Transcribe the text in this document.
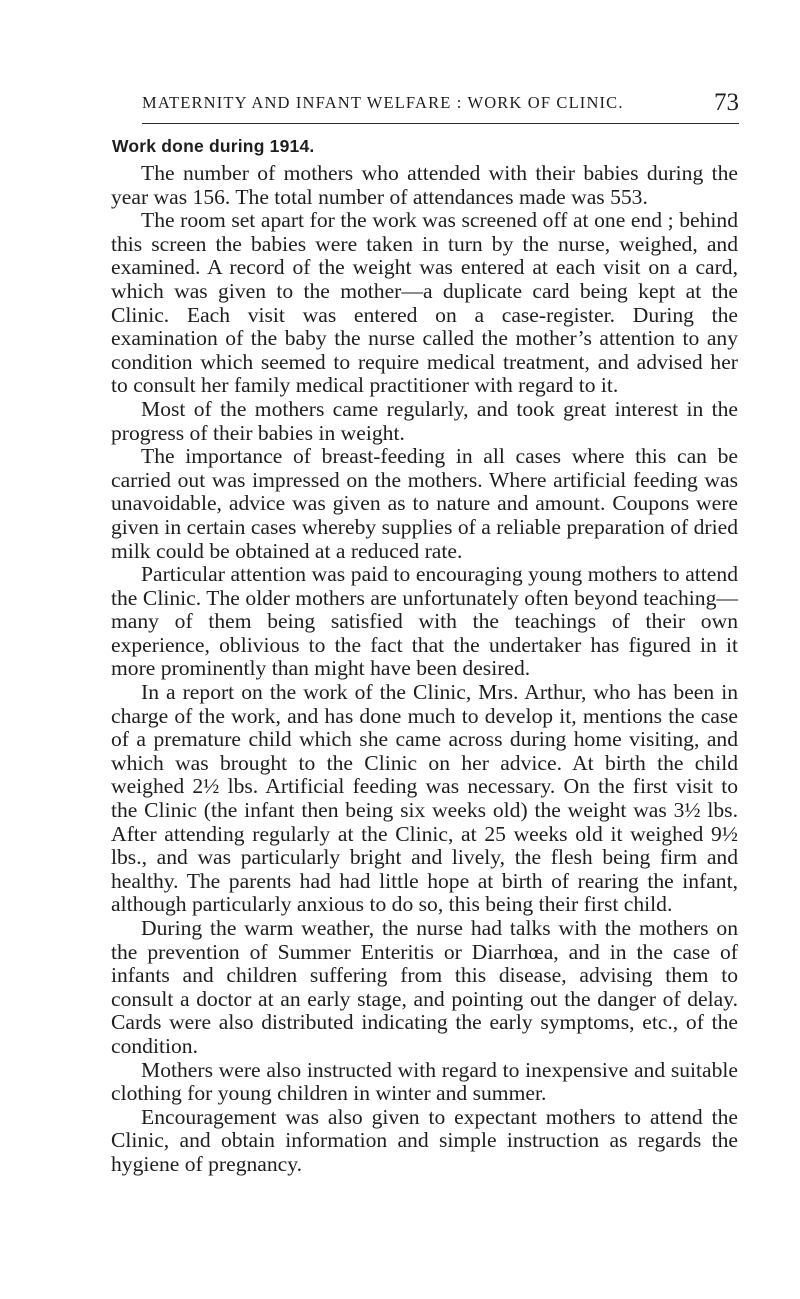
MATERNITY AND INFANT WELFARE : WORK OF CLINIC.	73
Work done during 1914.

The number of mothers who attended with their babies during the year was 156. The total number of attendances made was 553.

The room set apart for the work was screened off at one end ; behind this screen the babies were taken in turn by the nurse, weighed, and examined. A record of the weight was entered at each visit on a card, which was given to the mother—a duplicate card being kept at the Clinic. Each visit was entered on a case-register. During the examination of the baby the nurse called the mother’s attention to any condition which seemed to require medical treatment, and advised her to consult her family medical practitioner with regard to it.

Most of the mothers came regularly, and took great interest in the progress of their babies in weight.

The importance of breast-feeding in all cases where this can be carried out was impressed on the mothers. Where artificial feeding was unavoidable, advice was given as to nature and amount. Coupons were given in certain cases whereby supplies of a reliable preparation of dried milk could be obtained at a reduced rate.

Particular attention was paid to encouraging young mothers to attend the Clinic. The older mothers are unfortunately often beyond teaching—many of them being satisfied with the teachings of their own experience, oblivious to the fact that the undertaker has figured in it more prominently than might have been desired.

In a report on the work of the Clinic, Mrs. Arthur, who has been in charge of the work, and has done much to develop it, mentions the case of a premature child which she came across during home visiting, and which was brought to the Clinic on her advice. At birth the child weighed 2½ lbs. Artificial feeding was necessary. On the first visit to the Clinic (the infant then being six weeks old) the weight was 3½ lbs. After attending regularly at the Clinic, at 25 weeks old it weighed 9½ lbs., and was particularly bright and lively, the flesh being firm and healthy. The parents had had little hope at birth of rearing the infant, although particularly anxious to do so, this being their first child.

During the warm weather, the nurse had talks with the mothers on the prevention of Summer Enteritis or Diarrhœa, and in the case of infants and children suffering from this disease, advising them to consult a doctor at an early stage, and pointing out the danger of delay. Cards were also distributed indicating the early symptoms, etc., of the condition.

Mothers were also instructed with regard to inexpensive and suitable clothing for young children in winter and summer.

Encouragement was also given to expectant mothers to attend the Clinic, and obtain information and simple instruction as regards the hygiene of pregnancy.
